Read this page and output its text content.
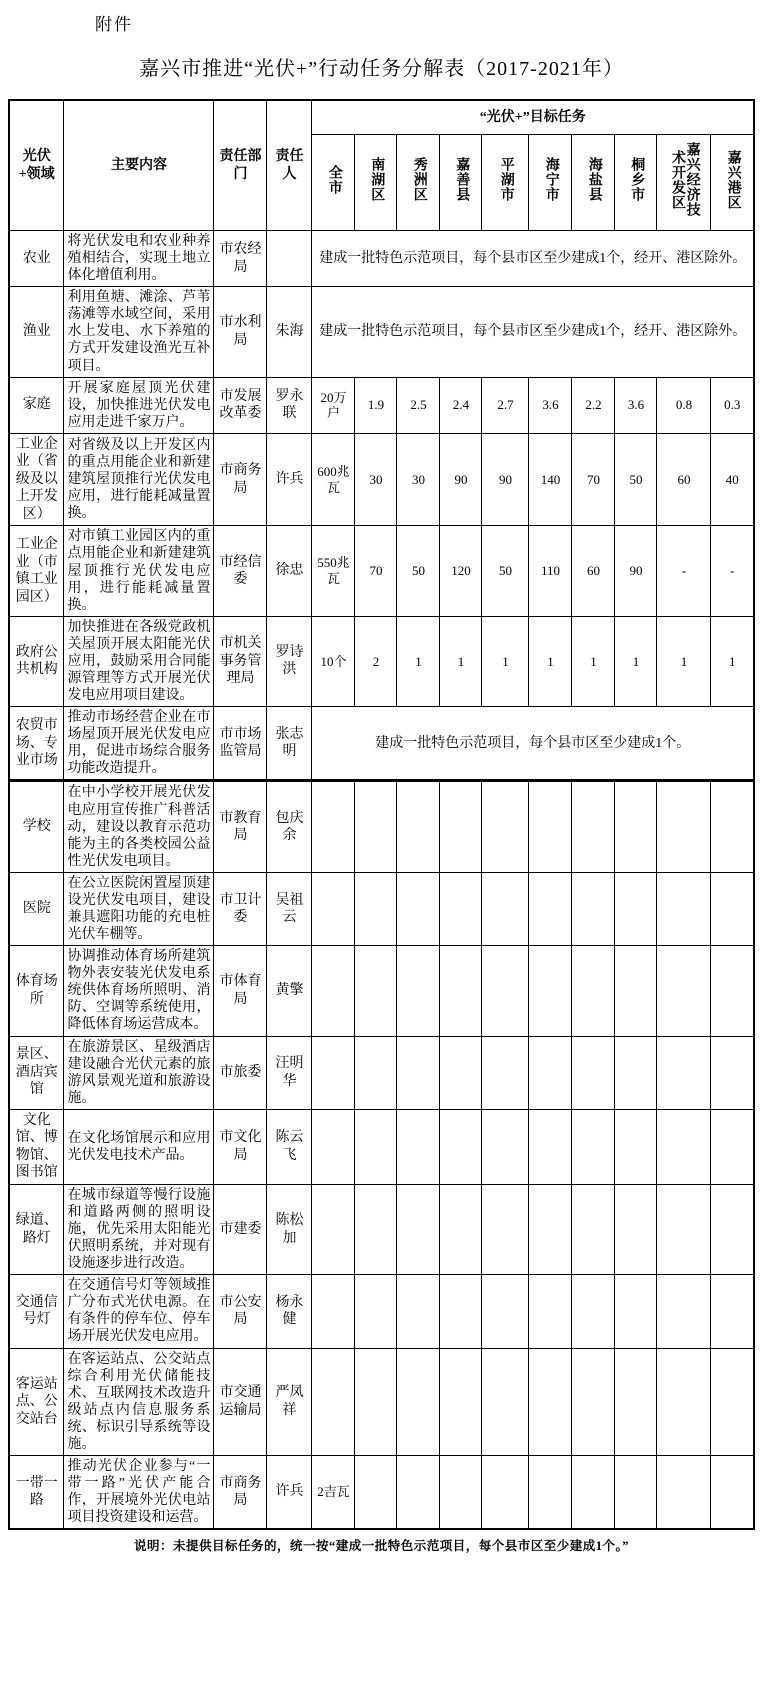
附件
嘉兴市推进“光伏+”行动任务分解表（2017-2021年）
光伏+领域	主要内容	责任部门	责任人	“光伏+”目标任务									
				全市	南湖区	秀洲区	嘉善县	平湖市	海宁市	海盐县	桐乡市	嘉兴经济技术开发区	嘉兴港区
农业	将光伏发电和农业种养殖相结合，实现土地立体化增值利用。	市农经局		建成一批特色示范项目，每个县市区至少建成1个，经开、港区除外。									
渔业	利用鱼塘、滩涂、芦苇荡滩等水域空间，采用水上发电、水下养殖的方式开发建设渔光互补项目。	市水利局	朱海	建成一批特色示范项目，每个县市区至少建成1个，经开、港区除外。									
家庭	开展家庭屋顶光伏建设，加快推进光伏发电应用走进千家万户。	市发展改革委	罗永联	20万户	1.9	2.5	2.4	2.7	3.6	2.2	3.6	0.8	0.3
工业企业（省级及以上开发区）	对省级及以上开发区内的重点用能企业和新建建筑屋顶推行光伏发电应用，进行能耗减量置换。	市商务局	许兵	600兆瓦	30	30	90	90	140	70	50	60	40
工业企业（市镇工业园区）	对市镇工业园区内的重点用能企业和新建建筑屋顶推行光伏发电应用，进行能耗减量置换。	市经信委	徐忠	550兆瓦	70	50	120	50	110	60	90	-	-
政府公共机构	加快推进在各级党政机关屋顶开展太阳能光伏应用，鼓励采用合同能源管理等方式开展光伏发电应用项目建设。	市机关事务管理局	罗诗洪	10个	2	1	1	1	1	1	1	1	1
农贸市场、专业市场	推动市场经营企业在市场屋顶开展光伏发电应用，促进市场综合服务功能改造提升。	市市场监管局	张志明	建成一批特色示范项目，每个县市区至少建成1个。									
学校	在中小学校开展光伏发电应用宣传推广科普活动，建设以教育示范功能为主的各类校园公益性光伏发电项目。	市教育局	包庆余										
医院	在公立医院闲置屋顶建设光伏发电项目，建设兼具遮阳功能的充电桩光伏车棚等。	市卫计委	吴祖云										
体育场所	协调推动体育场所建筑物外表安装光伏发电系统供体育场所照明、消防、空调等系统使用，降低体育场运营成本。	市体育局	黄擎										
景区、酒店宾馆	在旅游景区、星级酒店建设融合光伏元素的旅游风景观光道和旅游设施。	市旅委	汪明华										
文化馆、博物馆、图书馆	在文化场馆展示和应用光伏发电技术产品。	市文化局	陈云飞										
绿道、路灯	在城市绿道等慢行设施和道路两侧的照明设施，优先采用太阳能光伏照明系统，并对现有设施逐步进行改造。	市建委	陈松加										
交通信号灯	在交通信号灯等领域推广分布式光伏电源。在有条件的停车位、停车场开展光伏发电应用。	市公安局	杨永健										
客运站点、公交站台	在客运站点、公交站点综合利用光伏储能技术、互联网技术改造升级站点内信息服务系统、标识引导系统等设施。	市交通运输局	严凤祥										
一带一路	推动光伏企业参与“一带一路”光伏产能合作，开展境外光伏电站项目投资建设和运营。	市商务局	许兵	2吉瓦									
说明：未提供目标任务的，统一按“建成一批特色示范项目，每个县市区至少建成1个。”
